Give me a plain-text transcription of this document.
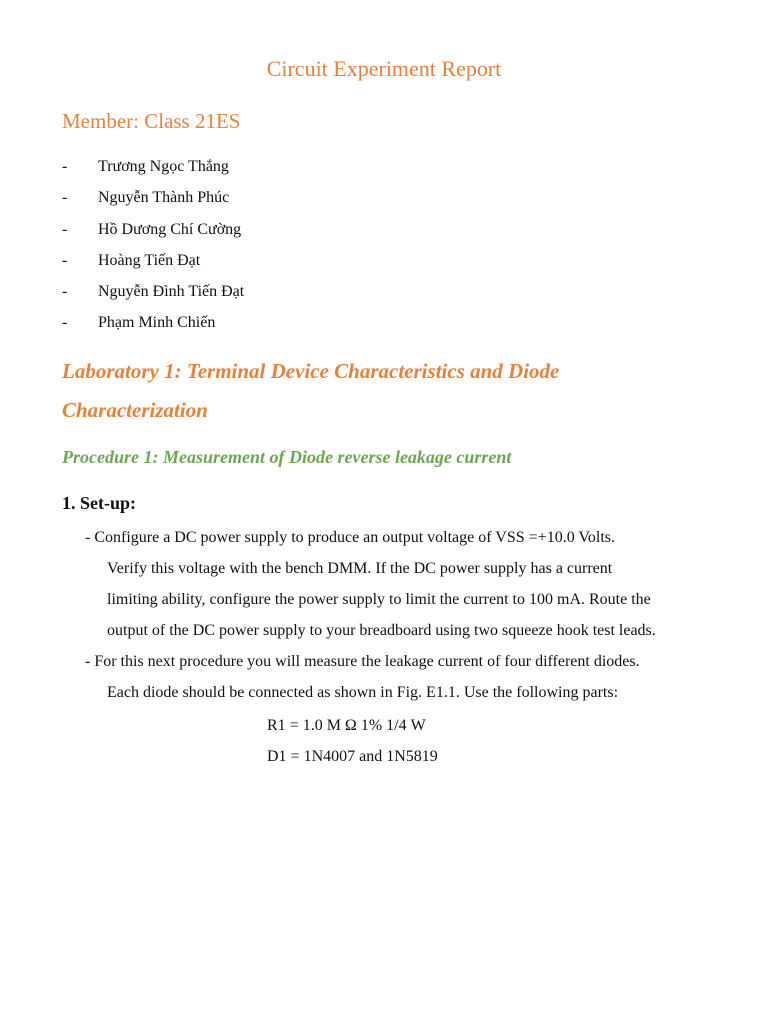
Circuit Experiment Report
Member: Class 21ES
- Trương Ngọc Thắng
- Nguyễn Thành Phúc
- Hồ Dương Chí Cường
- Hoàng Tiến Đạt
- Nguyễn Đình Tiến Đạt
- Phạm Minh Chiến
Laboratory 1: Terminal Device Characteristics and Diode
Characterization
Procedure 1: Measurement of Diode reverse leakage current
1. Set-up:
- Configure a DC power supply to produce an output voltage of VSS =+10.0 Volts.
Verify this voltage with the bench DMM. If the DC power supply has a current
limiting ability, configure the power supply to limit the current to 100 mA. Route the
output of the DC power supply to your breadboard using two squeeze hook test leads.
- For this next procedure you will measure the leakage current of four different diodes.
Each diode should be connected as shown in Fig. E1.1. Use the following parts:
R1 = 1.0 M Ω 1% 1/4 W
D1 = 1N4007 and 1N5819
